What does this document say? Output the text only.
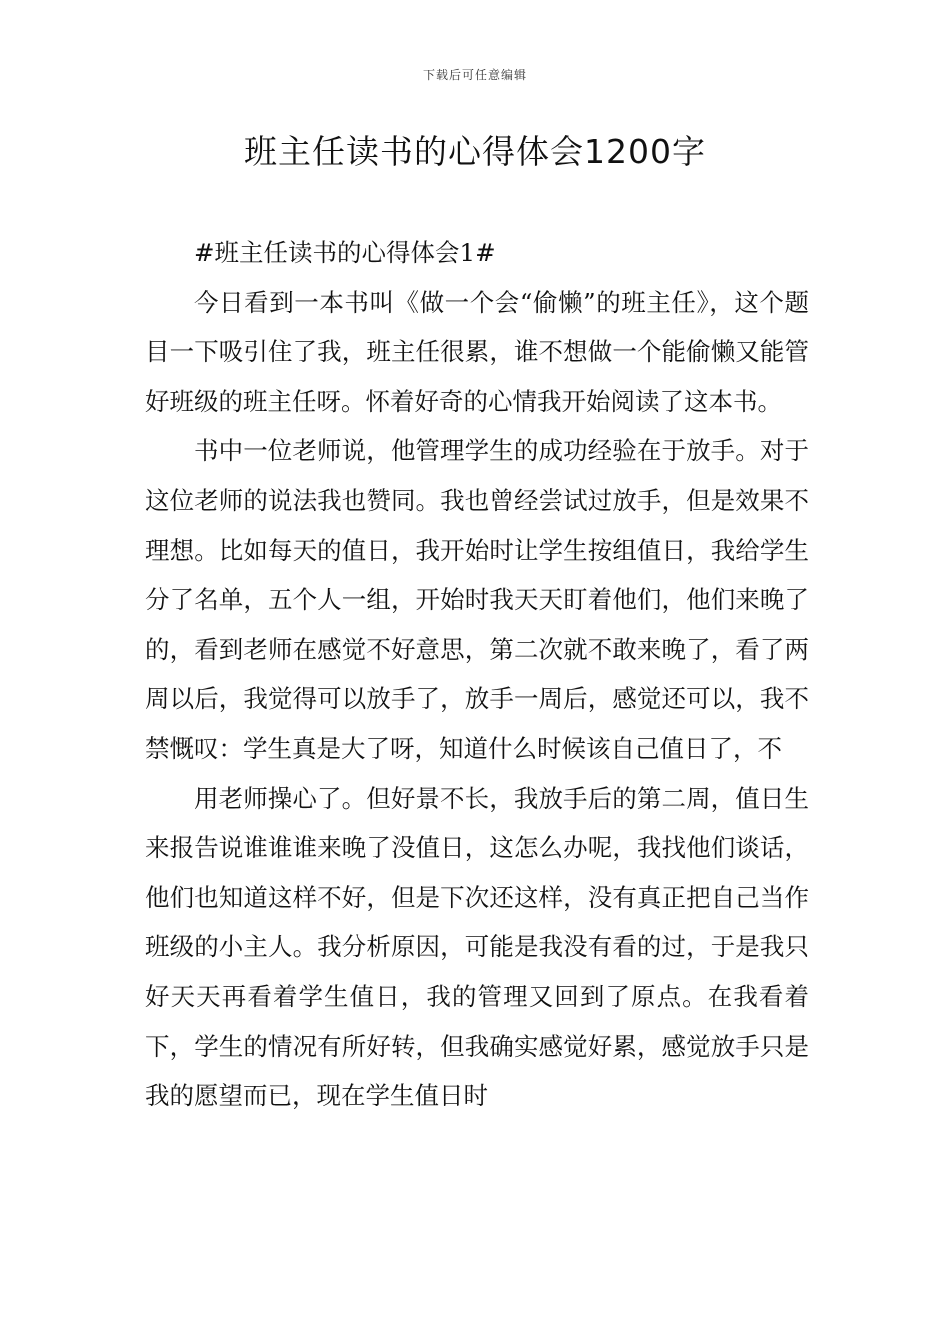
下载后可任意编辑
班主任读书的心得体会1200字

#班主任读书的心得体会1#

今日看到一本书叫《做一个会“偷懒”的班主任》，这个题目一下吸引住了我，班主任很累，谁不想做一个能偷懒又能管好班级的班主任呀。怀着好奇的心情我开始阅读了这本书。

书中一位老师说，他管理学生的成功经验在于放手。对于这位老师的说法我也赞同。我也曾经尝试过放手，但是效果不理想。比如每天的值日，我开始时让学生按组值日，我给学生分了名单，五个人一组，开始时我天天盯着他们，他们来晚了的，看到老师在感觉不好意思，第二次就不敢来晚了，看了两周以后，我觉得可以放手了，放手一周后，感觉还可以，我不禁慨叹：学生真是大了呀，知道什么时候该自己值日了，不

用老师操心了。但好景不长，我放手后的第二周，值日生来报告说谁谁谁来晚了没值日，这怎么办呢，我找他们谈话，他们也知道这样不好，但是下次还这样，没有真正把自己当作班级的小主人。我分析原因，可能是我没有看的过，于是我只好天天再看着学生值日，我的管理又回到了原点。在我看着下，学生的情况有所好转，但我确实感觉好累，感觉放手只是我的愿望而已，现在学生值日时
